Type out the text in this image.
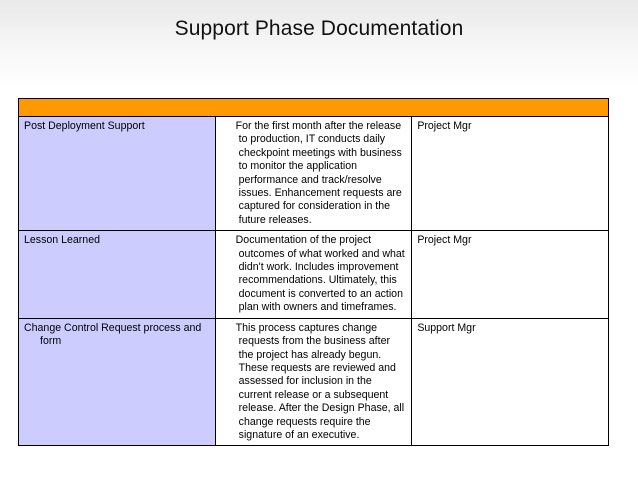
Support Phase Documentation

Post Deployment Support	For the first month after the release to production, IT conducts daily checkpoint meetings with business to monitor the application performance and track/resolve issues. Enhancement requests are captured for consideration in the future releases.	Project Mgr

Lesson Learned	Documentation of the project outcomes of what worked and what didn't work. Includes improvement recommendations. Ultimately, this document is converted to an action plan with owners and timeframes.	Project Mgr

Change Control Request process and form	This process captures change requests from the business after the project has already begun. These requests are reviewed and assessed for inclusion in the current release or a subsequent release. After the Design Phase, all change requests require the signature of an executive.	Support Mgr
